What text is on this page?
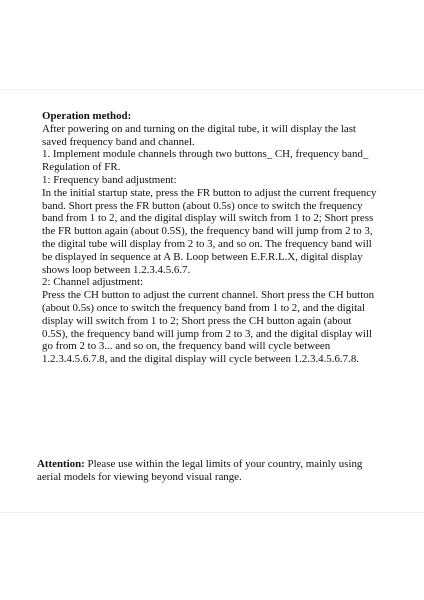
Operation method:

After powering on and turning on the digital tube, it will display the last saved frequency band and channel.

1. Implement module channels through two buttons_ CH, frequency band_ Regulation of FR.

1: Frequency band adjustment:

In the initial startup state, press the FR button to adjust the current frequency band. Short press the FR button (about 0.5s) once to switch the frequency band from 1 to 2, and the digital display will switch from 1 to 2; Short press the FR button again (about 0.5S), the frequency band will jump from 2 to 3, the digital tube will display from 2 to 3, and so on. The frequency band will be displayed in sequence at A B. Loop between E.F.R.L.X, digital display shows loop between 1.2.3.4.5.6.7.

2: Channel adjustment:

Press the CH button to adjust the current channel. Short press the CH button (about 0.5s) once to switch the frequency band from 1 to 2, and the digital display will switch from 1 to 2; Short press the CH button again (about 0.5S), the frequency band will jump from 2 to 3, and the digital display will go from 2 to 3... and so on, the frequency band will cycle between 1.2.3.4.5.6.7.8, and the digital display will cycle between 1.2.3.4.5.6.7.8.

Attention: Please use within the legal limits of your country, mainly using aerial models for viewing beyond visual range.
